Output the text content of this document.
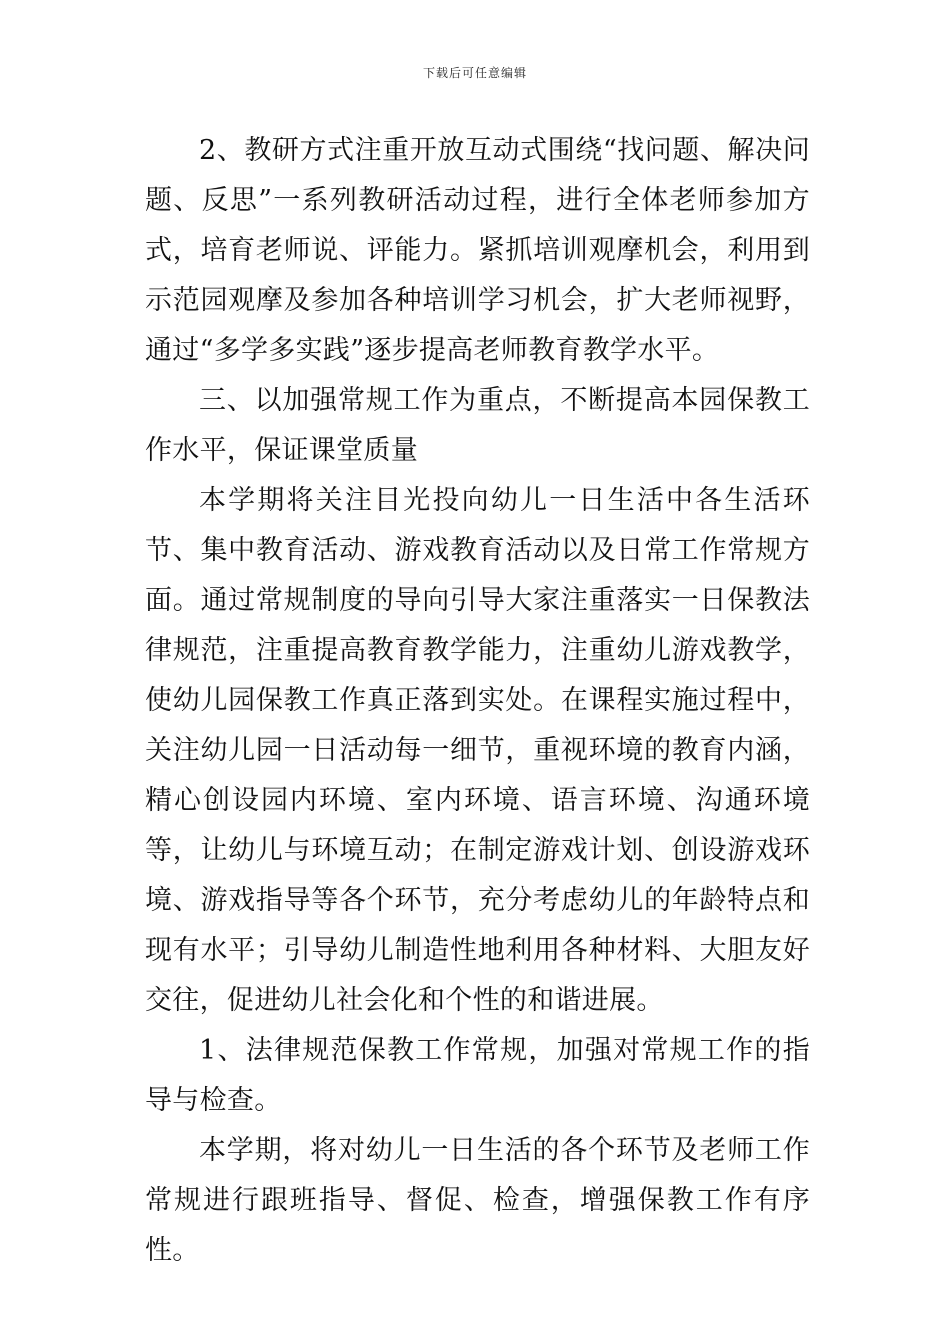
下载后可任意编辑

2、教研方式注重开放互动式围绕“找问题、解决问题、反思”一系列教研活动过程，进行全体老师参加方式，培育老师说、评能力。紧抓培训观摩机会，利用到示范园观摩及参加各种培训学习机会，扩大老师视野，通过“多学多实践”逐步提高老师教育教学水平。

三、以加强常规工作为重点，不断提高本园保教工作水平，保证课堂质量

本学期将关注目光投向幼儿一日生活中各生活环节、集中教育活动、游戏教育活动以及日常工作常规方面。通过常规制度的导向引导大家注重落实一日保教法律规范，注重提高教育教学能力，注重幼儿游戏教学，使幼儿园保教工作真正落到实处。在课程实施过程中，关注幼儿园一日活动每一细节，重视环境的教育内涵，精心创设园内环境、室内环境、语言环境、沟通环境等，让幼儿与环境互动；在制定游戏计划、创设游戏环境、游戏指导等各个环节，充分考虑幼儿的年龄特点和现有水平；引导幼儿制造性地利用各种材料、大胆友好交往，促进幼儿社会化和个性的和谐进展。

1、法律规范保教工作常规，加强对常规工作的指导与检查。

本学期，将对幼儿一日生活的各个环节及老师工作常规进行跟班指导、督促、检查，增强保教工作有序性。
